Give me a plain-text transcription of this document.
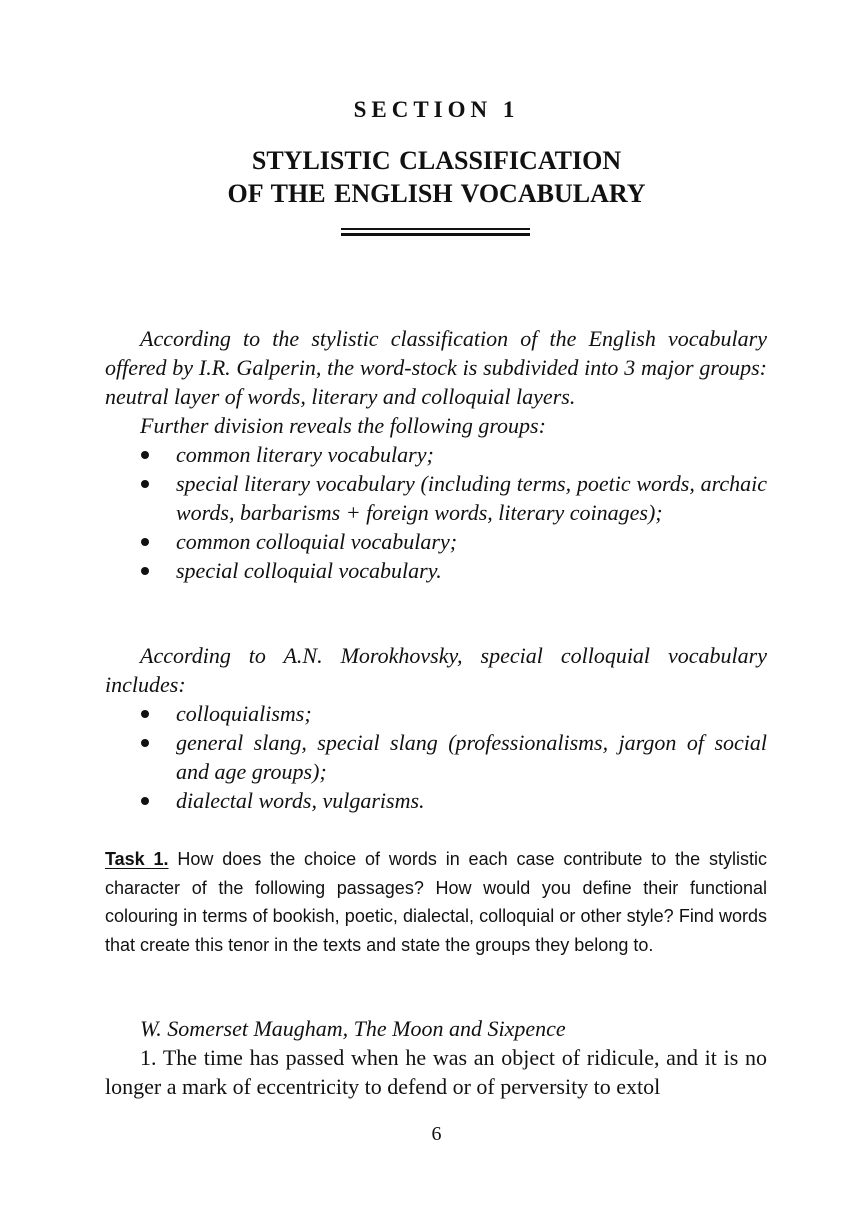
SECTION 1
STYLISTIC CLASSIFICATION
OF THE ENGLISH VOCABULARY

According to the stylistic classification of the English vocabulary offered by I.R. Galperin, the word-stock is subdivided into 3 major groups: neutral layer of words, literary and colloquial layers.

Further division reveals the following groups:

common literary vocabulary;
special literary vocabulary (including terms, poetic words, archaic words, barbarisms + foreign words, literary coinages);
common colloquial vocabulary;
special colloquial vocabulary.

According to A.N. Morokhovsky, special colloquial vocabulary includes:

colloquialisms;
general slang, special slang (professionalisms, jargon of social and age groups);
dialectal words, vulgarisms.

Task 1. How does the choice of words in each case contribute to the stylistic character of the following passages? How would you define their functional colouring in terms of bookish, poetic, dialectal, colloquial or other style? Find words that create this tenor in the texts and state the groups they belong to.

W. Somerset Maugham, The Moon and Sixpence

1. The time has passed when he was an object of ridicule, and it is no longer a mark of eccentricity to defend or of perversity to extol

6
